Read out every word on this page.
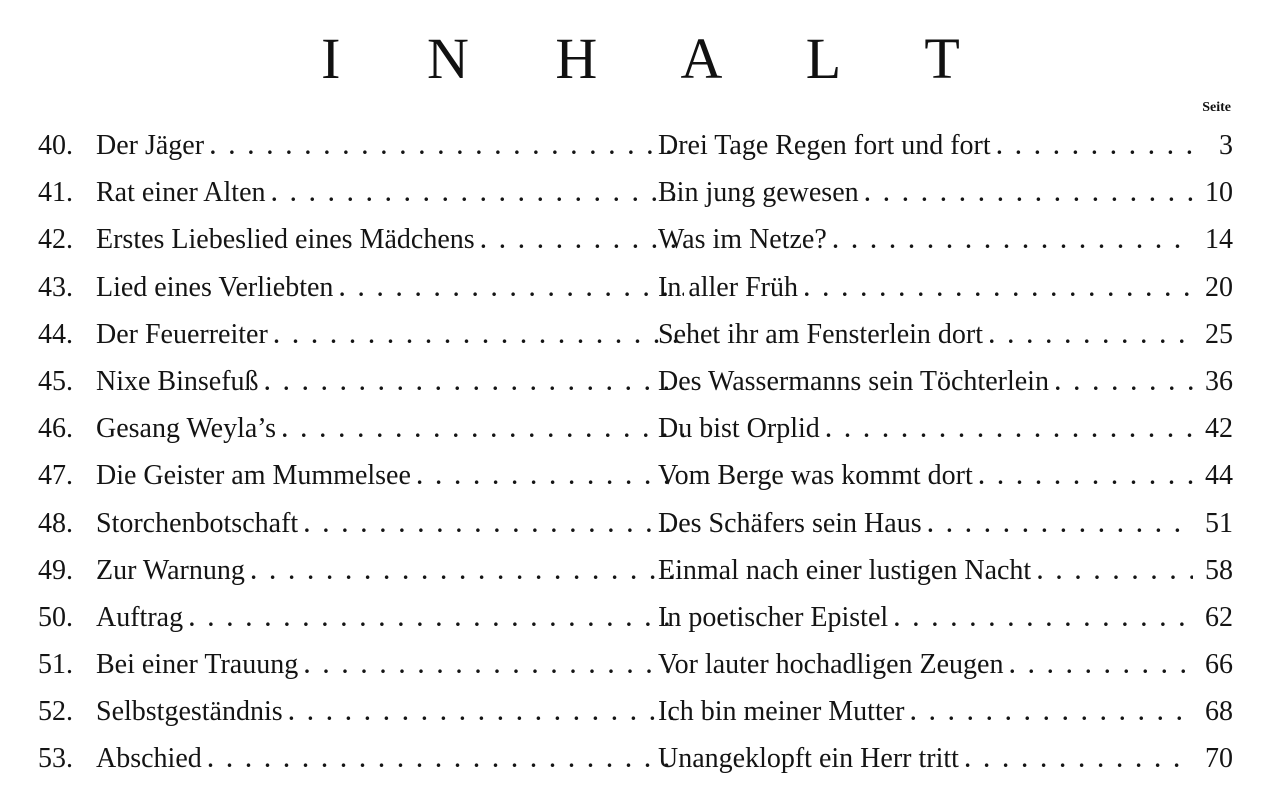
I N H A L T
Seite
40. Der Jäger . . .	Drei Tage Regen fort und fort . . .	3
41. Rat einer Alten . . .	Bin jung gewesen . . .	10
42. Erstes Liebeslied eines Mädchens . . .	Was im Netze? . . .	14
43. Lied eines Verliebten . . .	In aller Früh . . .	20
44. Der Feuerreiter . . .	Sehet ihr am Fensterlein dort . . .	25
45. Nixe Binsefuß . . .	Des Wassermanns sein Töchterlein . . .	36
46. Gesang Weyla’s . . .	Du bist Orplid . . .	42
47. Die Geister am Mummelsee . . .	Vom Berge was kommt dort . . .	44
48. Storchenbotschaft . . .	Des Schäfers sein Haus . . .	51
49. Zur Warnung . . .	Einmal nach einer lustigen Nacht . . .	58
50. Auftrag . . .	In poetischer Epistel . . .	62
51. Bei einer Trauung . . .	Vor lauter hochadligen Zeugen . . .	66
52. Selbstgeständnis . . .	Ich bin meiner Mutter . . .	68
53. Abschied . . .	Unangeklopft ein Herr tritt . . .	70
